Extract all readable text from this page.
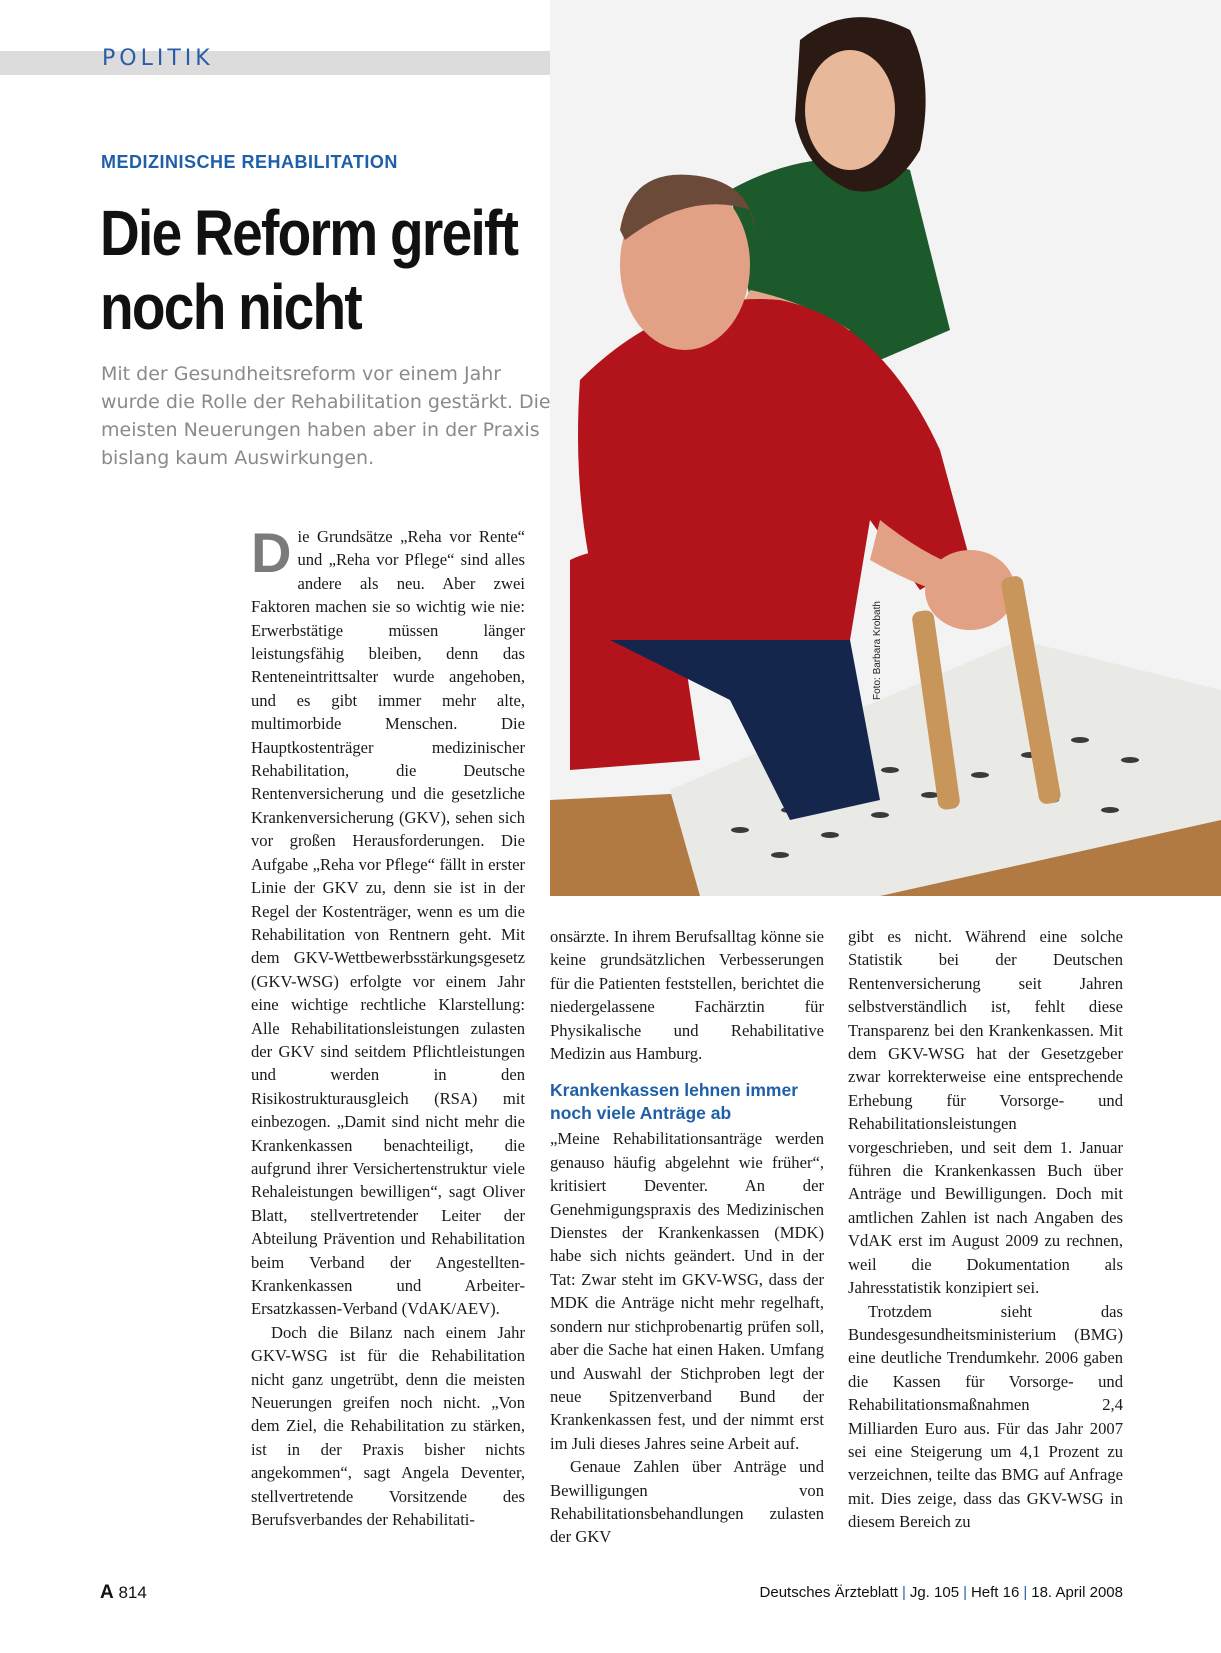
POLITIK
Foto: Barbara Krobath
MEDIZINISCHE REHABILITATION
Die Reform greift noch nicht

Mit der Gesundheitsreform vor einem Jahr wurde die Rolle der Rehabilitation gestärkt. Die meisten Neuerungen haben aber in der Praxis bislang kaum Auswirkungen.

Die Grundsätze „Reha vor Rente“ und „Reha vor Pflege“ sind alles andere als neu. Aber zwei Faktoren machen sie so wichtig wie nie: Erwerbstätige müssen länger leistungsfähig bleiben, denn das Renteneintrittsalter wurde angehoben, und es gibt immer mehr alte, multimorbide Menschen. Die Hauptkostenträger medizinischer Rehabilitation, die Deutsche Rentenversicherung und die gesetzliche Krankenversicherung (GKV), sehen sich vor großen Herausforderungen. Die Aufgabe „Reha vor Pflege“ fällt in erster Linie der GKV zu, denn sie ist in der Regel der Kostenträger, wenn es um die Rehabilitation von Rentnern geht. Mit dem GKV-Wettbewerbsstärkungsgesetz (GKV-WSG) erfolgte vor einem Jahr eine wichtige rechtliche Klarstellung: Alle Rehabilitationsleistungen zulasten der GKV sind seitdem Pflichtleistungen und werden in den Risikostrukturausgleich (RSA) mit einbezogen. „Damit sind nicht mehr die Krankenkassen benachteiligt, die aufgrund ihrer Versichertenstruktur viele Rehaleistungen bewilligen“, sagt Oliver Blatt, stellvertretender Leiter der Abteilung Prävention und Rehabilitation beim Verband der Angestellten-Krankenkassen und Arbeiter-Ersatzkassen-Verband (VdAK/AEV).

Doch die Bilanz nach einem Jahr GKV-WSG ist für die Rehabilitation nicht ganz ungetrübt, denn die meisten Neuerungen greifen noch nicht. „Von dem Ziel, die Rehabilitation zu stärken, ist in der Praxis bisher nichts angekommen“, sagt Angela Deventer, stellvertretende Vorsitzende des Berufsverbandes der Rehabilitati-

onsärzte. In ihrem Berufsalltag könne sie keine grundsätzlichen Verbesserungen für die Patienten feststellen, berichtet die niedergelassene Fachärztin für Physikalische und Rehabilitative Medizin aus Hamburg.

Krankenkassen lehnen immer noch viele Anträge ab

„Meine Rehabilitationsanträge werden genauso häufig abgelehnt wie früher“, kritisiert Deventer. An der Genehmigungspraxis des Medizinischen Dienstes der Krankenkassen (MDK) habe sich nichts geändert. Und in der Tat: Zwar steht im GKV-WSG, dass der MDK die Anträge nicht mehr regelhaft, sondern nur stichprobenartig prüfen soll, aber die Sache hat einen Haken. Umfang und Auswahl der Stichproben legt der neue Spitzenverband Bund der Krankenkassen fest, und der nimmt erst im Juli dieses Jahres seine Arbeit auf.

Genaue Zahlen über Anträge und Bewilligungen von Rehabilitationsbehandlungen zulasten der GKV

gibt es nicht. Während eine solche Statistik bei der Deutschen Rentenversicherung seit Jahren selbstverständlich ist, fehlt diese Transparenz bei den Krankenkassen. Mit dem GKV-WSG hat der Gesetzgeber zwar korrekterweise eine entsprechende Erhebung für Vorsorge- und Rehabilitationsleistungen vorgeschrieben, und seit dem 1. Januar führen die Krankenkassen Buch über Anträge und Bewilligungen. Doch mit amtlichen Zahlen ist nach Angaben des VdAK erst im August 2009 zu rechnen, weil die Dokumentation als Jahresstatistik konzipiert sei.

Trotzdem sieht das Bundesgesundheitsministerium (BMG) eine deutliche Trendumkehr. 2006 gaben die Kassen für Vorsorge- und Rehabilitationsmaßnahmen 2,4 Milliarden Euro aus. Für das Jahr 2007 sei eine Steigerung um 4,1 Prozent zu verzeichnen, teilte das BMG auf Anfrage mit. Dies zeige, dass das GKV-WSG in diesem Bereich zu

A 814	Deutsches Ärzteblatt | Jg. 105 | Heft 16 | 18. April 2008
